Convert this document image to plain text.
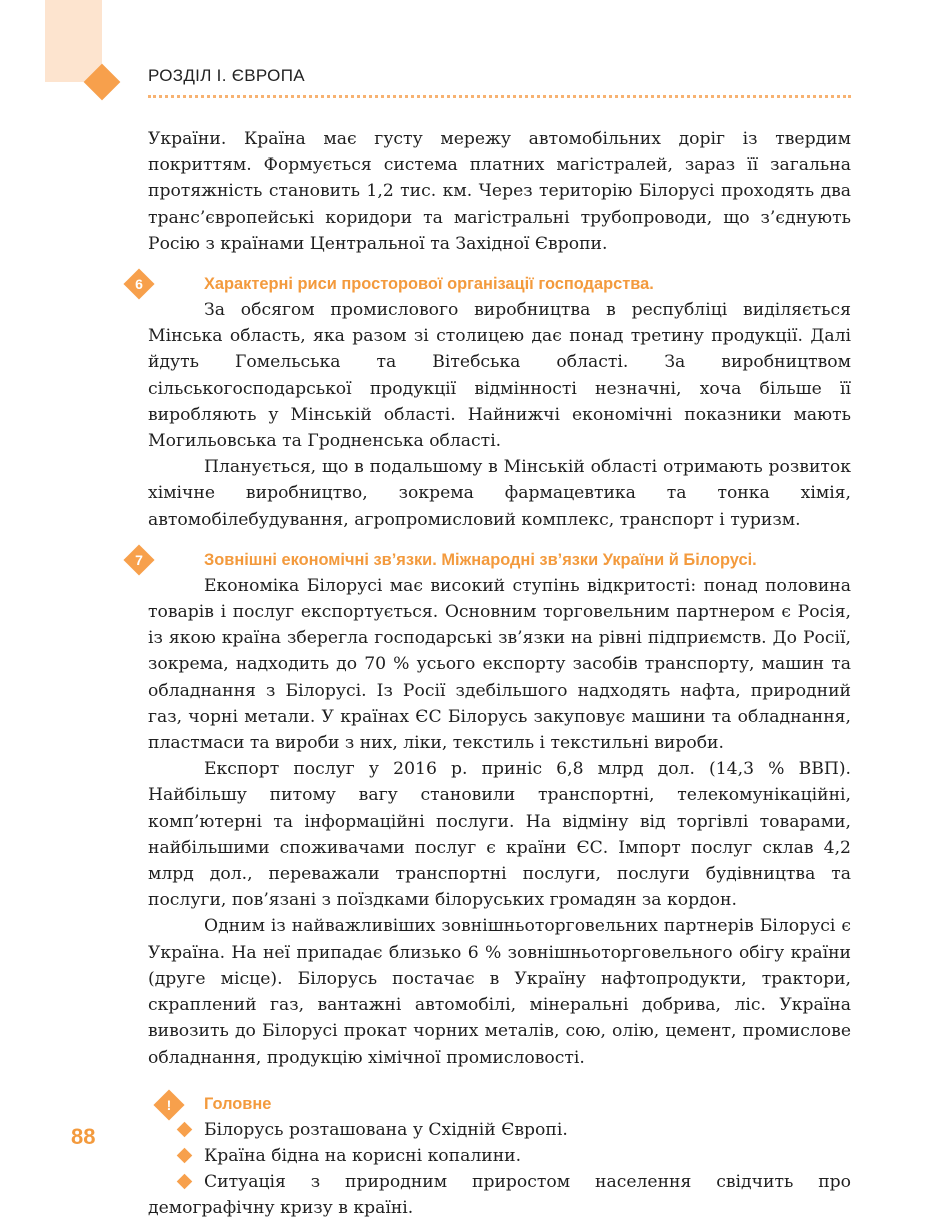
РОЗДІЛ І. ЄВРОПА

України. Країна має густу мережу автомобільних доріг із твердим покриттям. Формується система платних магістралей, зараз її загальна протяжність становить 1,2 тис. км. Через територію Білорусі проходять два транс’європейські коридори та магістральні трубопроводи, що з’єднують Росію з країнами Центральної та Західної Європи.

6	Характерні риси просторової організації господарства.

За обсягом промислового виробництва в республіці виділяється Мінська область, яка разом зі столицею дає понад третину продукції. Далі йдуть Гомельська та Вітебська області. За виробництвом сільськогосподарської продукції відмінності незначні, хоча більше її виробляють у Мінській області. Найнижчі економічні показники мають Могильовська та Гродненська області.

Планується, що в подальшому в Мінській області отримають розвиток хімічне виробництво, зокрема фармацевтика та тонка хімія, автомобілебудування, агропромисловий комплекс, транспорт і туризм.

7	Зовнішні економічні зв’язки. Міжнародні зв’язки України й Білорусі.

Економіка Білорусі має високий ступінь відкритості: понад половина товарів і послуг експортується. Основним торговельним партнером є Росія, із якою країна зберегла господарські зв’язки на рівні підприємств. До Росії, зокрема, надходить до 70 % усього експорту засобів транспорту, машин та обладнання з Білорусі. Із Росії здебільшого надходять нафта, природний газ, чорні метали. У країнах ЄС Білорусь закуповує машини та обладнання, пластмаси та вироби з них, ліки, текстиль і текстильні вироби.

Експорт послуг у 2016 р. приніс 6,8 млрд дол. (14,3 % ВВП). Найбільшу питому вагу становили транспортні, телекомунікаційні, комп’ютерні та інформаційні послуги. На відміну від торгівлі товарами, найбільшими споживачами послуг є країни ЄС. Імпорт послуг склав 4,2 млрд дол., переважали транспортні послуги, послуги будівництва та послуги, пов’язані з поїздками білоруських громадян за кордон.

Одним із найважливіших зовнішньоторговельних партнерів Білорусі є Україна. На неї припадає близько 6 % зовнішньоторговельного обігу країни (друге місце). Білорусь постачає в Україну нафтопродукти, трактори, скраплений газ, вантажні автомобілі, мінеральні добрива, ліс. Україна вивозить до Білорусі прокат чорних металів, сою, олію, цемент, промислове обладнання, продукцію хімічної промисловості.

!	Головне

Білорусь розташована у Східній Європі.

Країна бідна на корисні копалини.

Ситуація з природним приростом населення свідчить про демографічну кризу в країні.

88
